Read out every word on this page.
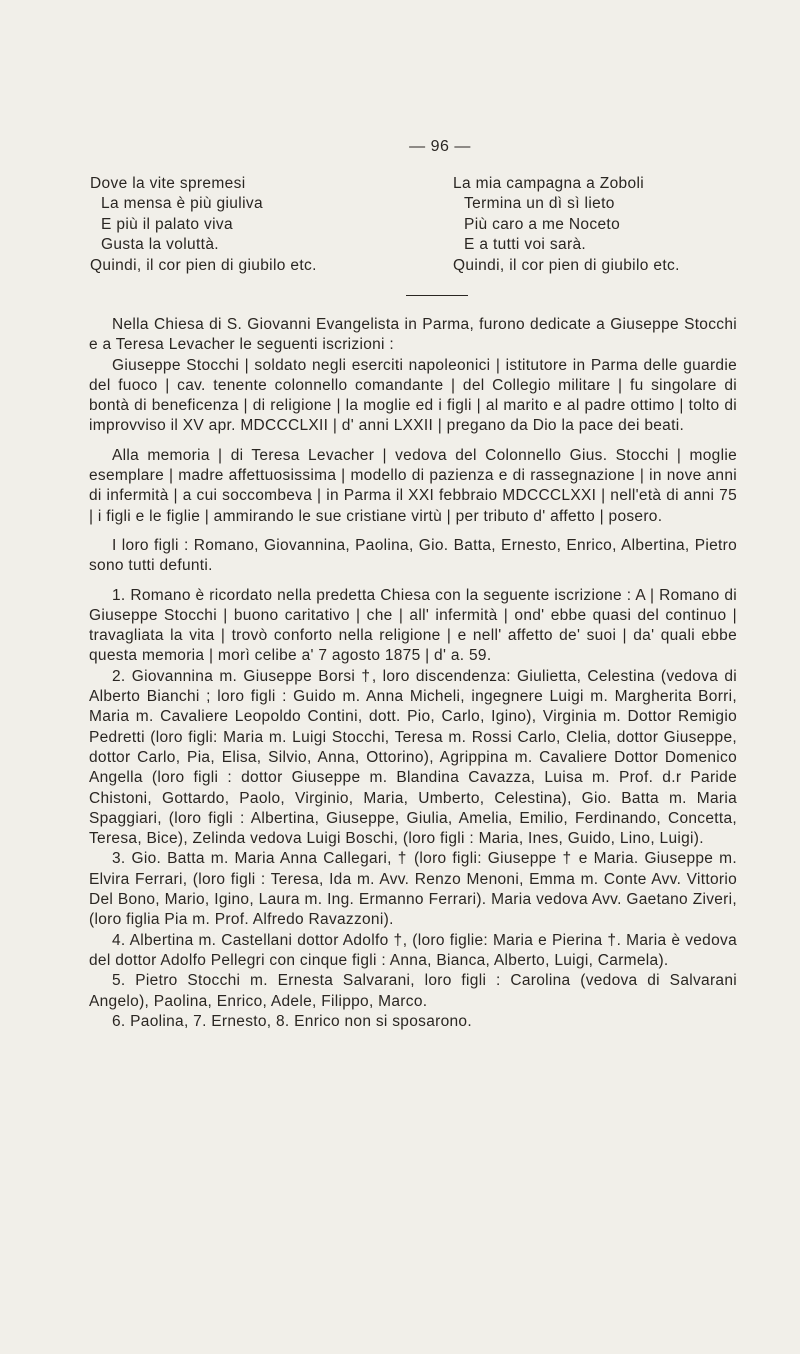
— 96 —
Dove la vite spremesi
La mensa è più giuliva
E più il palato viva
Gusta la voluttà.
Quindi, il cor pien di giubilo etc.
La mia campagna a Zoboli
Termina un dì sì lieto
Più caro a me Noceto
E a tutti voi sarà.
Quindi, il cor pien di giubilo etc.

Nella Chiesa di S. Giovanni Evangelista in Parma, furono dedicate a Giuseppe Stocchi e a Teresa Levacher le seguenti iscrizioni :

Giuseppe Stocchi | soldato negli eserciti napoleonici | istitutore in Parma delle guardie del fuoco | cav. tenente colonnello comandante | del Collegio militare | fu singolare di bontà di beneficenza | di religione | la moglie ed i figli | al marito e al padre ottimo | tolto di improvviso il XV apr. MDCCCLXII | d' anni LXXII | pregano da Dio la pace dei beati.

Alla memoria | di Teresa Levacher | vedova del Colonnello Gius. Stocchi | moglie esemplare | madre affettuosissima | modello di pazienza e di rassegnazione | in nove anni di infermità | a cui soccombeva | in Parma il XXI febbraio MDCCCLXXI | nell'età di anni 75 | i figli e le figlie | ammirando le sue cristiane virtù | per tributo d' affetto | posero.

I loro figli : Romano, Giovannina, Paolina, Gio. Batta, Ernesto, Enrico, Albertina, Pietro sono tutti defunti.

1. Romano è ricordato nella predetta Chiesa con la seguente iscrizione : A | Romano di Giuseppe Stocchi | buono caritativo | che | all' infermità | ond' ebbe quasi del continuo | travagliata la vita | trovò conforto nella religione | e nell' affetto de' suoi | da' quali ebbe questa memoria | morì celibe a' 7 agosto 1875 | d' a. 59.

2. Giovannina m. Giuseppe Borsi †, loro discendenza: Giulietta, Celestina (vedova di Alberto Bianchi ; loro figli : Guido m. Anna Micheli, ingegnere Luigi m. Margherita Borri, Maria m. Cavaliere Leopoldo Contini, dott. Pio, Carlo, Igino), Virginia m. Dottor Remigio Pedretti (loro figli: Maria m. Luigi Stocchi, Teresa m. Rossi Carlo, Clelia, dottor Giuseppe, dottor Carlo, Pia, Elisa, Silvio, Anna, Ottorino), Agrippina m. Cavaliere Dottor Domenico Angella (loro figli : dottor Giuseppe m. Blandina Cavazza, Luisa m. Prof. d.r Paride Chistoni, Gottardo, Paolo, Virginio, Maria, Umberto, Celestina), Gio. Batta m. Maria Spaggiari, (loro figli : Albertina, Giuseppe, Giulia, Amelia, Emilio, Ferdinando, Concetta, Teresa, Bice), Zelinda vedova Luigi Boschi, (loro figli : Maria, Ines, Guido, Lino, Luigi).

3. Gio. Batta m. Maria Anna Callegari, † (loro figli: Giuseppe † e Maria. Giuseppe m. Elvira Ferrari, (loro figli : Teresa, Ida m. Avv. Renzo Menoni, Emma m. Conte Avv. Vittorio Del Bono, Mario, Igino, Laura m. Ing. Ermanno Ferrari). Maria vedova Avv. Gaetano Ziveri, (loro figlia Pia m. Prof. Alfredo Ravazzoni).

4. Albertina m. Castellani dottor Adolfo †, (loro figlie: Maria e Pierina †. Maria è vedova del dottor Adolfo Pellegri con cinque figli : Anna, Bianca, Alberto, Luigi, Carmela).

5. Pietro Stocchi m. Ernesta Salvarani, loro figli : Carolina (vedova di Salvarani Angelo), Paolina, Enrico, Adele, Filippo, Marco.

6. Paolina, 7. Ernesto, 8. Enrico non si sposarono.
